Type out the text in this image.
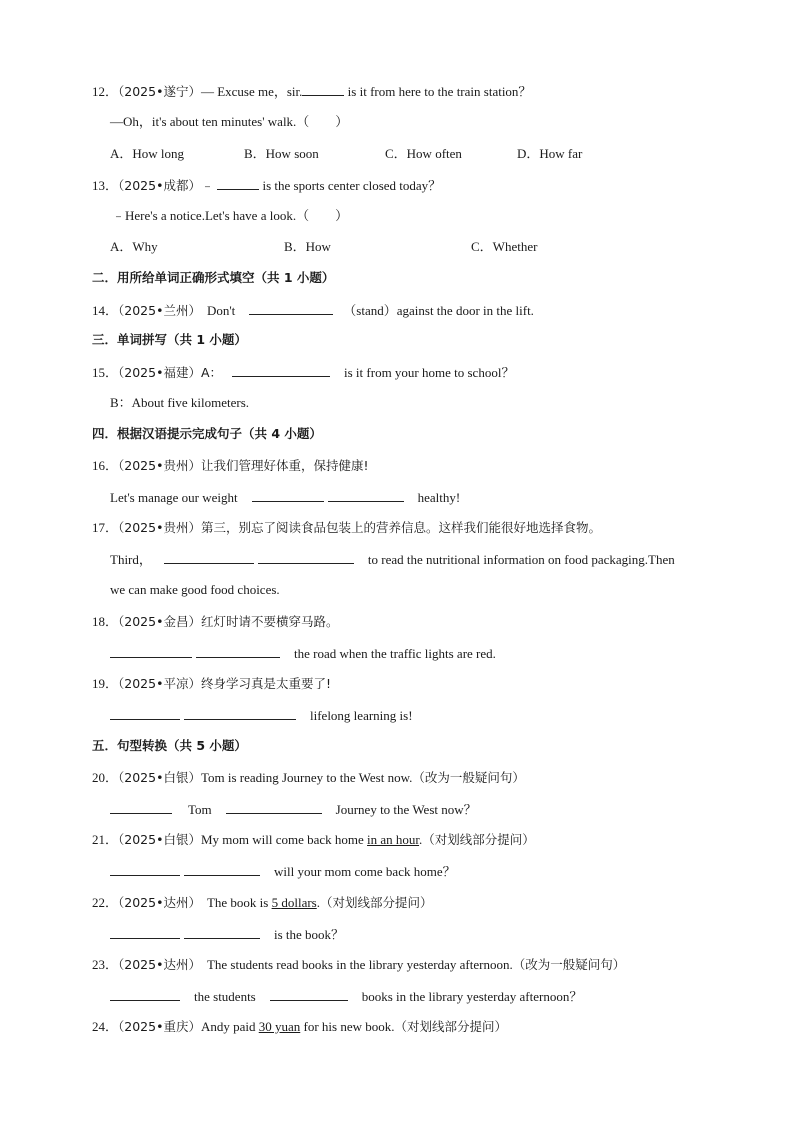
12．（2025•遂宁）— Excuse me，sir.	is it from here to the train station？
—Oh，it's about ten minutes' walk.（　　）
A．How long	B．How soon	C．How often	D．How far
13．（2025•成都）﹣	is the sports center closed today？
﹣Here's a notice.Let's have a look.（　　）
A．Why	B．How	C．Whether
二．用所给单词正确形式填空（共 1 小题）
14．（2025•兰州） Don't	（stand）against the door in the lift.
三．单词拼写（共 1 小题）
15．（2025•福建）A：	is it from your home to school？
B：About five kilometers.
四．根据汉语提示完成句子（共 4 小题）
16．（2025•贵州）让我们管理好体重，保持健康!
Let's manage our weight	healthy!
17．（2025•贵州）第三，别忘了阅读食品包装上的营养信息。这样我们能很好地选择食物。
Third，	to read the nutritional information on food packaging.Then
we can make good food choices.
18．（2025•金昌）红灯时请不要横穿马路。
the road when the traffic lights are red.
19．（2025•平凉）终身学习真是太重要了!
lifelong learning is!
五．句型转换（共 5 小题）
20．（2025•白银）Tom is reading Journey to the West now.（改为一般疑问句）
Tom	Journey to the West now？
21．（2025•白银）My mom will come back home in an hour.（对划线部分提问）
will your mom come back home？
22．（2025•达州） The book is 5 dollars.（对划线部分提问）
is the book？
23．（2025•达州） The students read books in the library yesterday afternoon.（改为一般疑问句）
the students	books in the library yesterday afternoon？
24．（2025•重庆）Andy paid 30 yuan for his new book.（对划线部分提问）
